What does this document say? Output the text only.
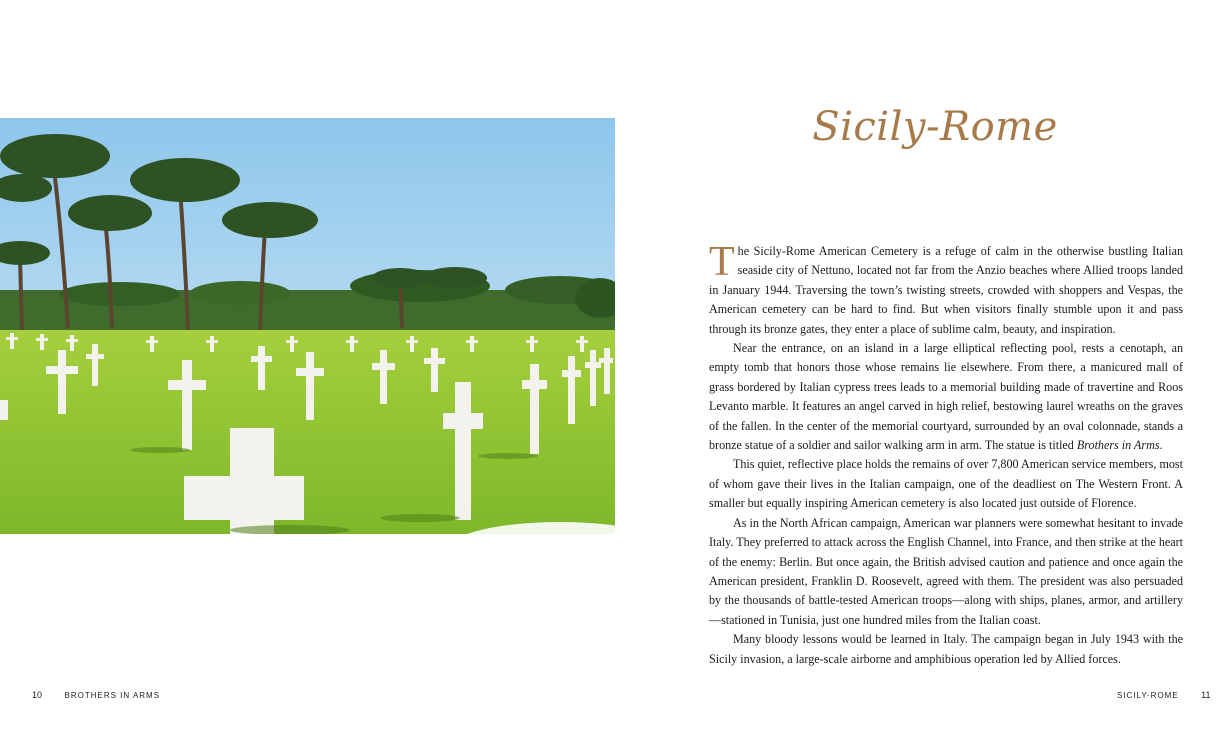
10	BROTHERS IN ARMS
Sicily-Rome

The Sicily-Rome American Cemetery is a refuge of calm in the otherwise bustling Italian seaside city of Nettuno, located not far from the Anzio beaches where Allied troops landed in January 1944. Traversing the town’s twisting streets, crowded with shoppers and Vespas, the American cemetery can be hard to find. But when visitors finally stumble upon it and pass through its bronze gates, they enter a place of sublime calm, beauty, and inspiration.

Near the entrance, on an island in a large elliptical reflecting pool, rests a cenotaph, an empty tomb that honors those whose remains lie elsewhere. From there, a manicured mall of grass bordered by Italian cypress trees leads to a memorial building made of travertine and Roos Levanto marble. It features an angel carved in high relief, bestowing laurel wreaths on the graves of the fallen. In the center of the memorial courtyard, surrounded by an oval colonnade, stands a bronze statue of a soldier and sailor walking arm in arm. The statue is titled Brothers in Arms.

This quiet, reflective place holds the remains of over 7,800 American service members, most of whom gave their lives in the Italian campaign, one of the deadliest on The Western Front. A smaller but equally inspiring American cemetery is also located just outside of Florence.

As in the North African campaign, American war planners were somewhat hesitant to invade Italy. They preferred to attack across the English Channel, into France, and then strike at the heart of the enemy: Berlin. But once again, the British advised caution and patience and once again the American president, Franklin D. Roosevelt, agreed with them. The president was also persuaded by the thousands of battle-tested American troops—along with ships, planes, armor, and artillery—stationed in Tunisia, just one hundred miles from the Italian coast.

Many bloody lessons would be learned in Italy. The campaign began in July 1943 with the Sicily invasion, a large-scale airborne and amphibious operation led by Allied forces.

SICILY-ROME 11
